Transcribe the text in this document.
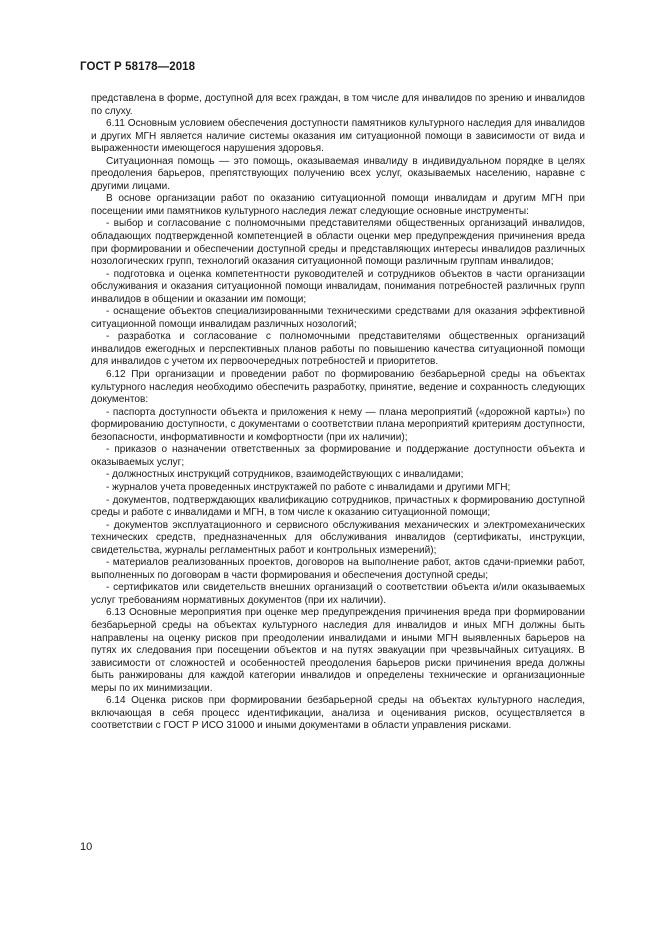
ГОСТ Р 58178—2018

представлена в форме, доступной для всех граждан, в том числе для инвалидов по зрению и инвалидов по слуху.

6.11 Основным условием обеспечения доступности памятников культурного наследия для инвалидов и других МГН является наличие системы оказания им ситуационной помощи в зависимости от вида и выраженности имеющегося нарушения здоровья.

Ситуационная помощь — это помощь, оказываемая инвалиду в индивидуальном порядке в целях преодоления барьеров, препятствующих получению всех услуг, оказываемых населению, наравне с другими лицами.

В основе организации работ по оказанию ситуационной помощи инвалидам и другим МГН при посещении ими памятников культурного наследия лежат следующие основные инструменты:

- выбор и согласование с полномочными представителями общественных организаций инвалидов, обладающих подтвержденной компетенцией в области оценки мер предупреждения причинения вреда при формировании и обеспечении доступной среды и представляющих интересы инвалидов различных нозологических групп, технологий оказания ситуационной помощи различным группам инвалидов;

- подготовка и оценка компетентности руководителей и сотрудников объектов в части организации обслуживания и оказания ситуационной помощи инвалидам, понимания потребностей различных групп инвалидов в общении и оказании им помощи;

- оснащение объектов специализированными техническими средствами для оказания эффективной ситуационной помощи инвалидам различных нозологий;

- разработка и согласование с полномочными представителями общественных организаций инвалидов ежегодных и перспективных планов работы по повышению качества ситуационной помощи для инвалидов с учетом их первоочередных потребностей и приоритетов.

6.12 При организации и проведении работ по формированию безбарьерной среды на объектах культурного наследия необходимо обеспечить разработку, принятие, ведение и сохранность следующих документов:

- паспорта доступности объекта и приложения к нему — плана мероприятий («дорожной карты») по формированию доступности, с документами о соответствии плана мероприятий критериям доступности, безопасности, информативности и комфортности (при их наличии);

- приказов о назначении ответственных за формирование и поддержание доступности объекта и оказываемых услуг;

- должностных инструкций сотрудников, взаимодействующих с инвалидами;

- журналов учета проведенных инструктажей по работе с инвалидами и другими МГН;

- документов, подтверждающих квалификацию сотрудников, причастных к формированию доступной среды и работе с инвалидами и МГН, в том числе к оказанию ситуационной помощи;

- документов эксплуатационного и сервисного обслуживания механических и электромеханических технических средств, предназначенных для обслуживания инвалидов (сертификаты, инструкции, свидетельства, журналы регламентных работ и контрольных измерений);

- материалов реализованных проектов, договоров на выполнение работ, актов сдачи-приемки работ, выполненных по договорам в части формирования и обеспечения доступной среды;

- сертификатов или свидетельств внешних организаций о соответствии объекта и/или оказываемых услуг требованиям нормативных документов (при их наличии).

6.13 Основные мероприятия при оценке мер предупреждения причинения вреда при формировании безбарьерной среды на объектах культурного наследия для инвалидов и иных МГН должны быть направлены на оценку рисков при преодолении инвалидами и иными МГН выявленных барьеров на путях их следования при посещении объектов и на путях эвакуации при чрезвычайных ситуациях. В зависимости от сложностей и особенностей преодоления барьеров риски причинения вреда должны быть ранжированы для каждой категории инвалидов и определены технические и организационные меры по их минимизации.

6.14 Оценка рисков при формировании безбарьерной среды на объектах культурного наследия, включающая в себя процесс идентификации, анализа и оценивания рисков, осуществляется в соответствии с ГОСТ Р ИСО 31000 и иными документами в области управления рисками.

10
